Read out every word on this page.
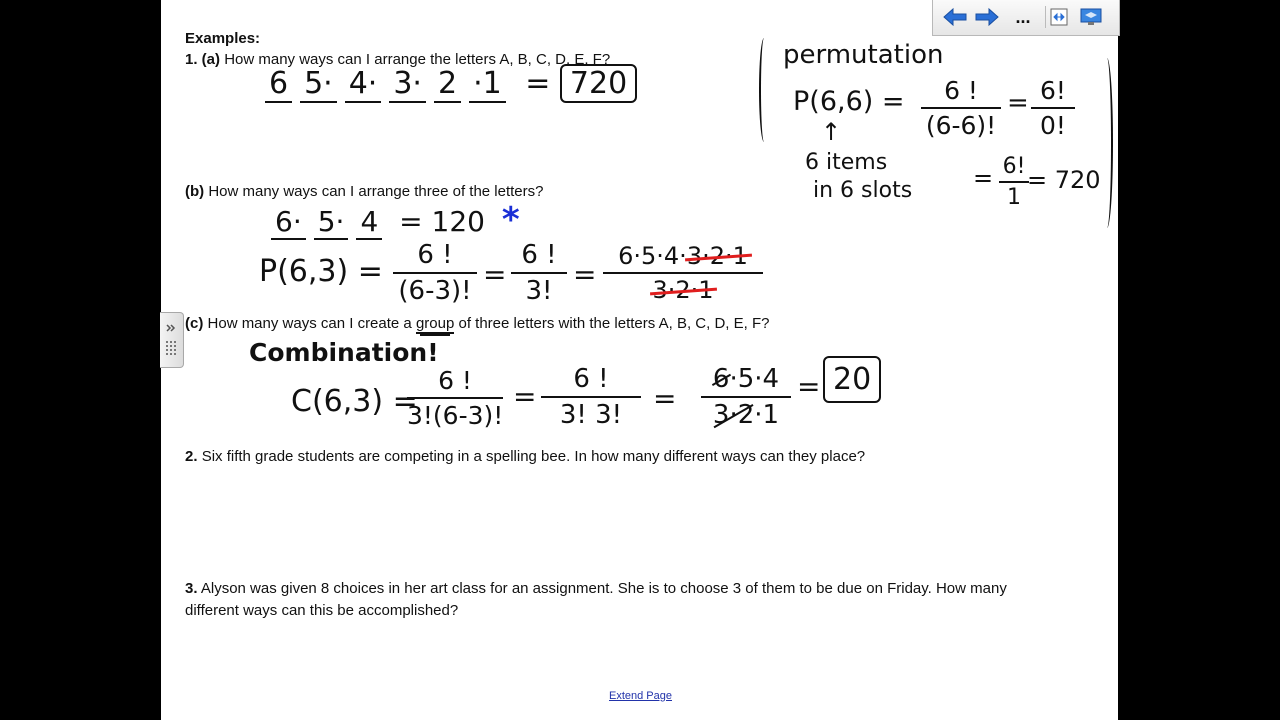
Examples:
1. (a) How many ways can I arrange the letters A, B, C, D, E, F?
(b) How many ways can I arrange three of the letters?
(c) How many ways can I create a group of three letters with the letters A, B, C, D, E, F?
2. Six fifth grade students are competing in a spelling bee. In how many different ways can they place?
3. Alyson was given 8 choices in her art class for an assignment. She is to choose 3 of them to be due on Friday. How many
different ways can this be accomplished?
6 5· 4· 3· 2 ·1 = 720
permutation
P(6,6) =	6 !
(6-6)!
= 6!
0!
↑
6 items
in 6 slots	= 6!
1
= 720
6· 5· 4 = 120 *
P(6,3) =	6 !
(6-3)! =
6 !
3! =
6·5·4·3·2·1
3·2·1
Combination!
C(6,3) =
6 !
3!(6-3)!
=
6 !
3! 3!	=
6·5·4
3·2·1
= 20
Extend Page
...
